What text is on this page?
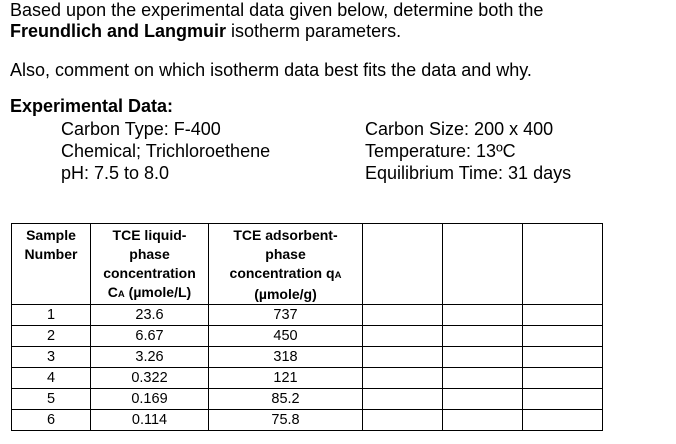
Based upon the experimental data given below, determine both the
Freundlich and Langmuir isotherm parameters.

Also, comment on which isotherm data best fits the data and why.

Experimental Data:

Carbon Type: F-400
Chemical; Trichloroethene
pH: 7.5 to 8.0
Carbon Size: 200 x 400
Temperature: 13ºC
Equilibrium Time: 31 days
Sample
Number	TCE liquid-
phase
concentration
CA (µmole/L)	TCE adsorbent-
phase
concentration qA
(µmole/g)			
1	23.6	737			
2	6.67	450			
3	3.26	318			
4	0.322	121			
5	0.169	85.2			
6	0.114	75.8			
